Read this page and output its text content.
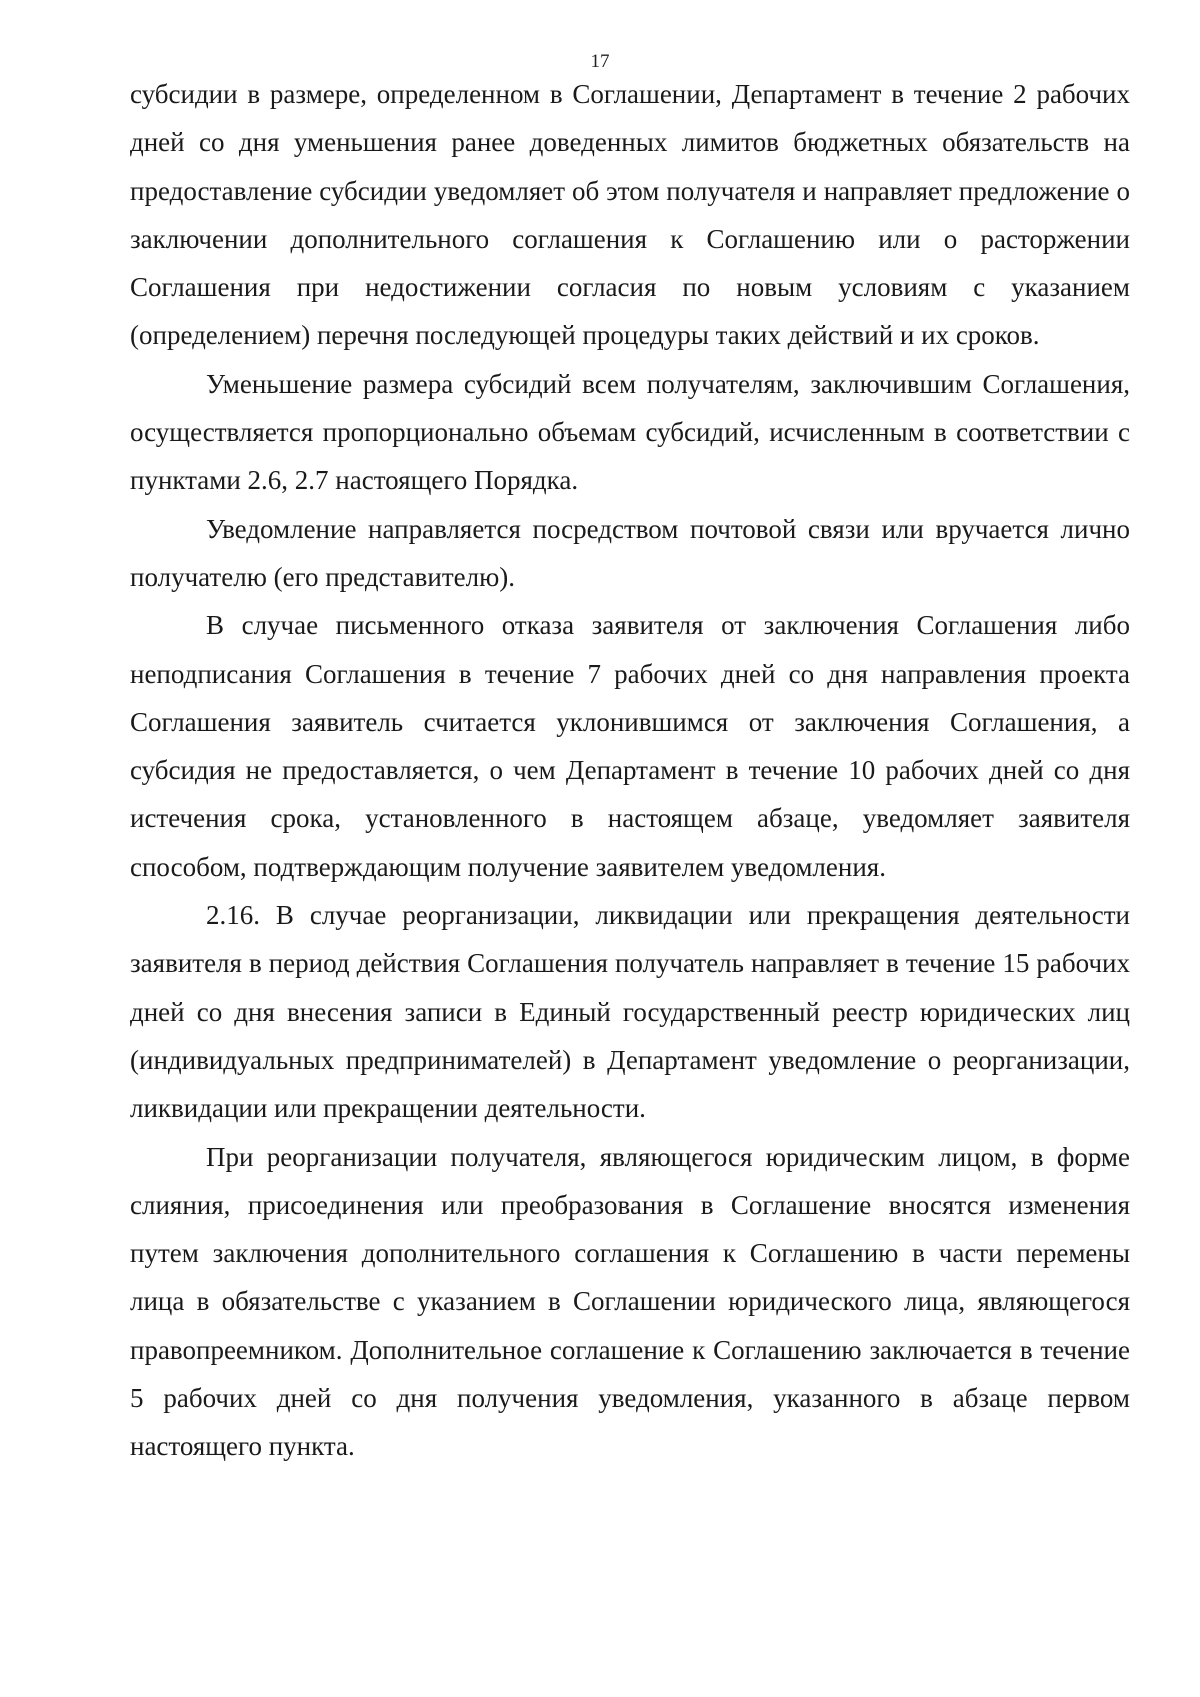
17

субсидии в размере, определенном в Соглашении, Департамент в течение 2 рабочих дней со дня уменьшения ранее доведенных лимитов бюджетных обязательств на предоставление субсидии уведомляет об этом получателя и направляет предложение о заключении дополнительного соглашения к Соглашению или о расторжении Соглашения при недостижении согласия по новым условиям с указанием (определением) перечня последующей процедуры таких действий и их сроков.

Уменьшение размера субсидий всем получателям, заключившим Соглашения, осуществляется пропорционально объемам субсидий, исчисленным в соответствии с пунктами 2.6, 2.7 настоящего Порядка.

Уведомление направляется посредством почтовой связи или вручается лично получателю (его представителю).

В случае письменного отказа заявителя от заключения Соглашения либо неподписания Соглашения в течение 7 рабочих дней со дня направления проекта Соглашения заявитель считается уклонившимся от заключения Соглашения, а субсидия не предоставляется, о чем Департамент в течение 10 рабочих дней со дня истечения срока, установленного в настоящем абзаце, уведомляет заявителя способом, подтверждающим получение заявителем уведомления.

2.16. В случае реорганизации, ликвидации или прекращения деятельности заявителя в период действия Соглашения получатель направляет в течение 15 рабочих дней со дня внесения записи в Единый государственный реестр юридических лиц (индивидуальных предпринимателей) в Департамент уведомление о реорганизации, ликвидации или прекращении деятельности.

При реорганизации получателя, являющегося юридическим лицом, в форме слияния, присоединения или преобразования в Соглашение вносятся изменения путем заключения дополнительного соглашения к Соглашению в части перемены лица в обязательстве с указанием в Соглашении юридического лица, являющегося правопреемником. Дополнительное соглашение к Соглашению заключается в течение 5 рабочих дней со дня получения уведомления, указанного в абзаце первом настоящего пункта.
